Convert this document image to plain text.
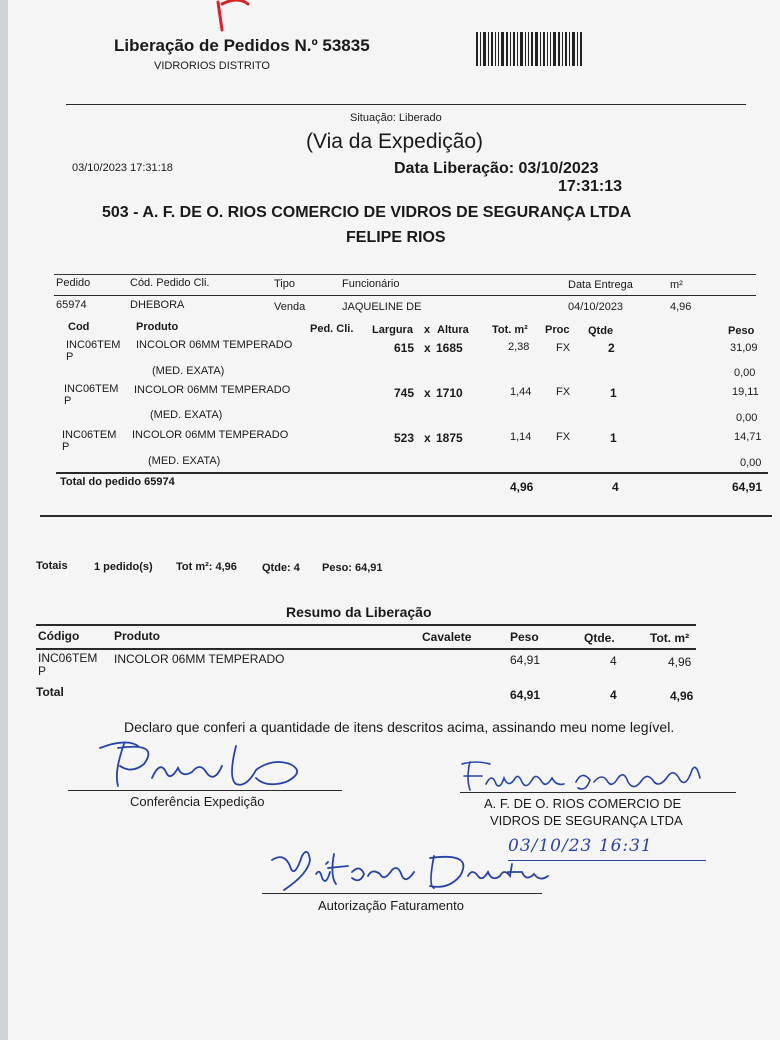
Liberação de Pedidos N.º 53835
VIDRORIOS DISTRITO
Situação: Liberado
(Via da Expedição)
03/10/2023 17:31:18	Data Liberação: 03/10/2023
17:31:13
503 - A. F. DE O. RIOS COMERCIO DE VIDROS DE SEGURANÇA LTDA
FELIPE RIOS
Pedido	Cód. Pedido Cli.	Tipo	Funcionário	Data Entrega	m²
65974	DHEBORA	Venda	JAQUELINE DE	04/10/2023	4,96
Cod	Produto	Ped. Cli. Largura x Altura Tot. m² Proc Qtde	Peso
INC06TEM
P
INCOLOR 06MM TEMPERADO	615 x 1685	2,38 FX	2	31,09
(MED. EXATA)	0,00
INC06TEM
P
INCOLOR 06MM TEMPERADO	745 x 1710	1,44 FX	1	19,11
(MED. EXATA)	0,00
INC06TEM
P
INCOLOR 06MM TEMPERADO	523 x 1875	1,14 FX	1	14,71
(MED. EXATA)	0,00
Total do pedido 65974	4,96	4	64,91
Totais 1 pedido(s) Tot m²: 4,96 Qtde: 4 Peso: 64,91
Resumo da Liberação
Código	Produto	Cavalete	Peso	Qtde.	Tot. m²
INC06TEM
P
INCOLOR 06MM TEMPERADO	64,91	4	4,96
Total	64,91	4	4,96
Declaro que conferi a quantidade de itens descritos acima, assinando meu nome legível.
Conferência Expedição	A. F. DE O. RIOS COMERCIO DE
VIDROS DE SEGURANÇA LTDA
03/10/23 16:31
Autorização Faturamento
